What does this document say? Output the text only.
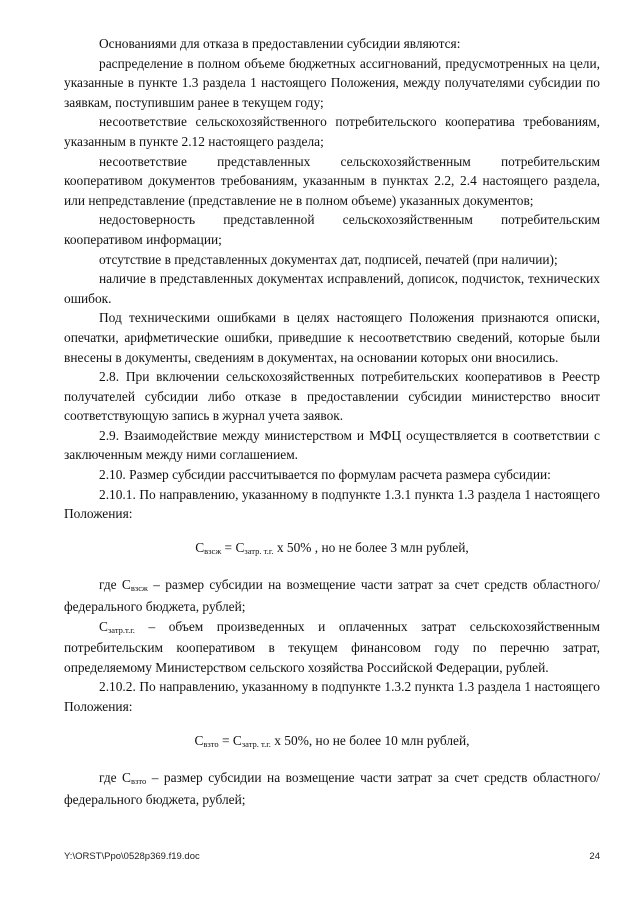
Основаниями для отказа в предоставлении субсидии являются:

распределение в полном объеме бюджетных ассигнований, предусмотренных на цели, указанные в пункте 1.3 раздела 1 настоящего Положения, между получателями субсидии по заявкам, поступившим ранее в текущем году;

несоответствие сельскохозяйственного потребительского кооператива требованиям, указанным в пункте 2.12 настоящего раздела;

несоответствие представленных сельскохозяйственным потребительским кооперативом документов требованиям, указанным в пунктах 2.2, 2.4 настоящего раздела, или непредставление (представление не в полном объеме) указанных документов;

недостоверность представленной сельскохозяйственным потребительским кооперативом информации;

отсутствие в представленных документах дат, подписей, печатей (при наличии);

наличие в представленных документах исправлений, дописок, подчисток, технических ошибок.

Под техническими ошибками в целях настоящего Положения признаются описки, опечатки, арифметические ошибки, приведшие к несоответствию сведений, которые были внесены в документы, сведениям в документах, на основании которых они вносились.

2.8. При включении сельскохозяйственных потребительских кооперативов в Реестр получателей субсидии либо отказе в предоставлении субсидии министерство вносит соответствующую запись в журнал учета заявок.

2.9. Взаимодействие между министерством и МФЦ осуществляется в соответствии с заключенным между ними соглашением.

2.10. Размер субсидии рассчитывается по формулам расчета размера субсидии:

2.10.1. По направлению, указанному в подпункте 1.3.1 пункта 1.3 раздела 1 настоящего Положения:

Свзсж = Сзатр. т.г. х 50% , но не более 3 млн рублей,

где Свзсж – размер субсидии на возмещение части затрат за счет средств областного/федерального бюджета, рублей;

Сзатр.т.г. – объем произведенных и оплаченных затрат сельскохозяйственным потребительским кооперативом в текущем финансовом году по перечню затрат, определяемому Министерством сельского хозяйства Российской Федерации, рублей.

2.10.2. По направлению, указанному в подпункте 1.3.2 пункта 1.3 раздела 1 настоящего Положения:

Свзто = Сзатр. т.г. х 50%, но не более 10 млн рублей,

где Свзто – размер субсидии на возмещение части затрат за счет средств областного/федерального бюджета, рублей;

Y:\ORST\Ppo\0528p369.f19.doc	24
